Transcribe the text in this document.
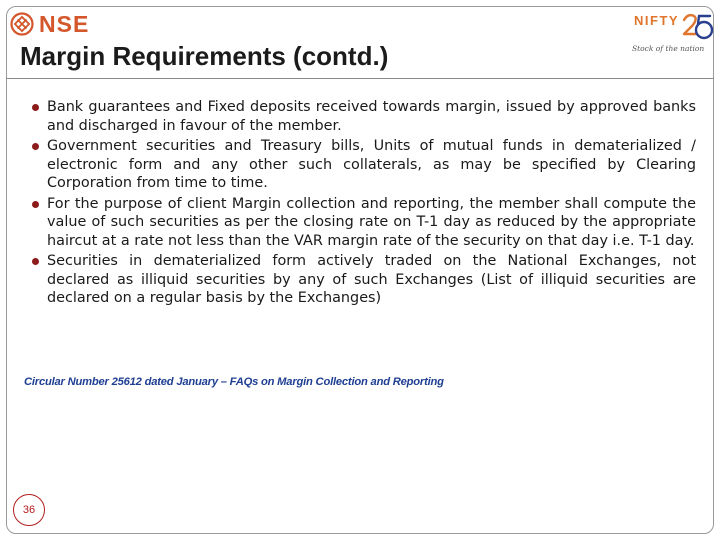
NSE
Margin Requirements (contd.)
NIFTY
Stock of the nation
Bank guarantees and Fixed deposits received towards margin, issued by approved banks and discharged in favour of the member.
Government securities and Treasury bills, Units of mutual funds in dematerialized / electronic form and any other such collaterals, as may be specified by Clearing Corporation from time to time.
For the purpose of client Margin collection and reporting, the member shall compute the value of such securities as per the closing rate on T-1 day as reduced by the appropriate haircut at a rate not less than the VAR margin rate of the security on that day i.e. T-1 day.
Securities in dematerialized form actively traded on the National Exchanges, not declared as illiquid securities by any of such Exchanges (List of illiquid securities are declared on a regular basis by the Exchanges)
Circular Number 25612 dated January – FAQs on Margin Collection and Reporting
36
